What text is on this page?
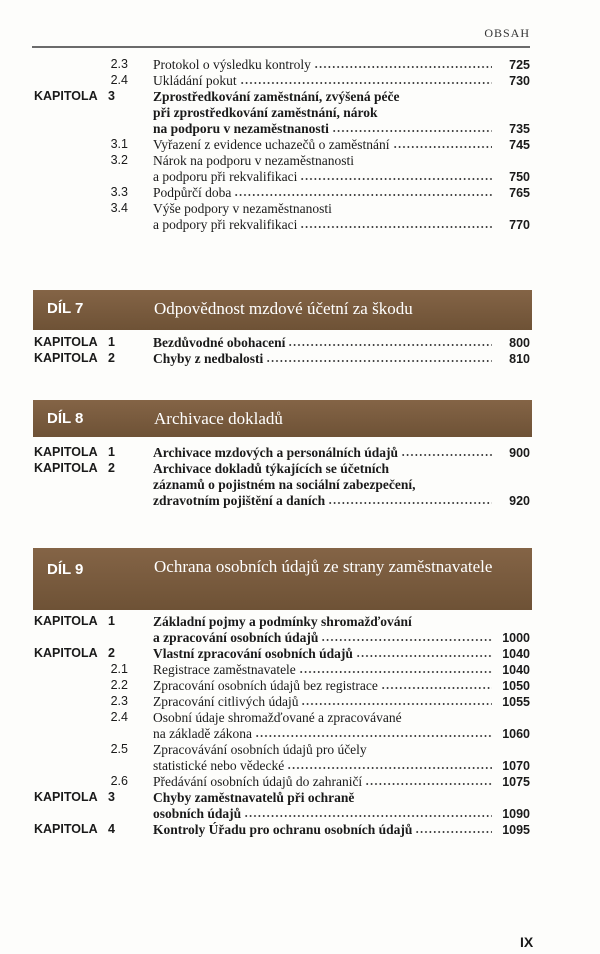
OBSAH
2.3	Protokol o výsledku kontroly	725
2.4	Ukládání pokut	730
KAPITOLA 3	Zprostředkování zaměstnání, zvýšená péče
při zprostředkování zaměstnání, nárok
na podporu v nezaměstnanosti	735
3.1	Vyřazení z evidence uchazečů o zaměstnání	745
3.2	Nárok na podporu v nezaměstnanosti
a podporu při rekvalifikaci	750
3.3	Podpůrčí doba	765
3.4	Výše podpory v nezaměstnanosti
a podpory při rekvalifikaci	770
DÍL 7	Odpovědnost mzdové účetní za škodu
KAPITOLA 1	Bezdůvodné obohacení	800
KAPITOLA 2	Chyby z nedbalosti	810
DÍL 8	Archivace dokladů
KAPITOLA 1	Archivace mzdových a personálních údajů	900
KAPITOLA 2	Archivace dokladů týkajících se účetních
záznamů o pojistném na sociální zabezpečení,
zdravotním pojištění a daních	920
DÍL 9	Ochrana osobních údajů ze strany zaměstnavatele
KAPITOLA 1	Základní pojmy a podmínky shromažďování
a zpracování osobních údajů	1000
KAPITOLA 2	Vlastní zpracování osobních údajů	1040
2.1	Registrace zaměstnavatele	1040
2.2	Zpracování osobních údajů bez registrace	1050
2.3	Zpracování citlivých údajů	1055
2.4	Osobní údaje shromažďované a zpracovávané
na základě zákona	1060
2.5	Zpracovávání osobních údajů pro účely
statistické nebo vědecké	1070
2.6	Předávání osobních údajů do zahraničí	1075
KAPITOLA 3	Chyby zaměstnavatelů při ochraně
osobních údajů	1090
KAPITOLA 4	Kontroly Úřadu pro ochranu osobních údajů	1095
IX
